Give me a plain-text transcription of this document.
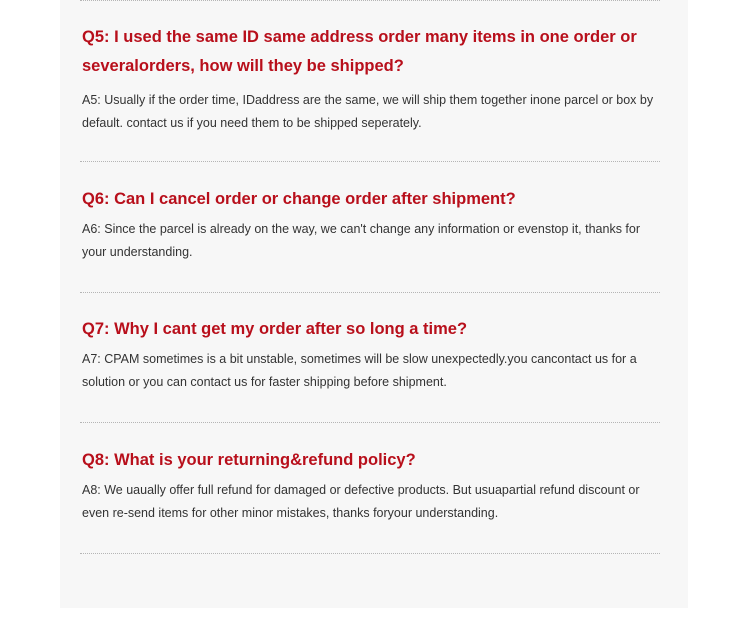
Q5: I used the same ID same address order many items in one order or severalorders, how will they be shipped?

A5: Usually if the order time, IDaddress are the same, we will ship them together inone parcel or box by default. contact us if you need them to be shipped seperately.

Q6: Can I cancel order or change order after shipment?

A6: Since the parcel is already on the way, we can't change any information or evenstop it, thanks for your understanding.

Q7: Why I cant get my order after so long a time?

A7: CPAM sometimes is a bit unstable, sometimes will be slow unexpectedly.you cancontact us for a solution or you can contact us for faster shipping before shipment.

Q8: What is your returning&refund policy?

A8: We uaually offer full refund for damaged or defective products. But usuapartial refund discount or even re-send items for other minor mistakes, thanks foryour understanding.
